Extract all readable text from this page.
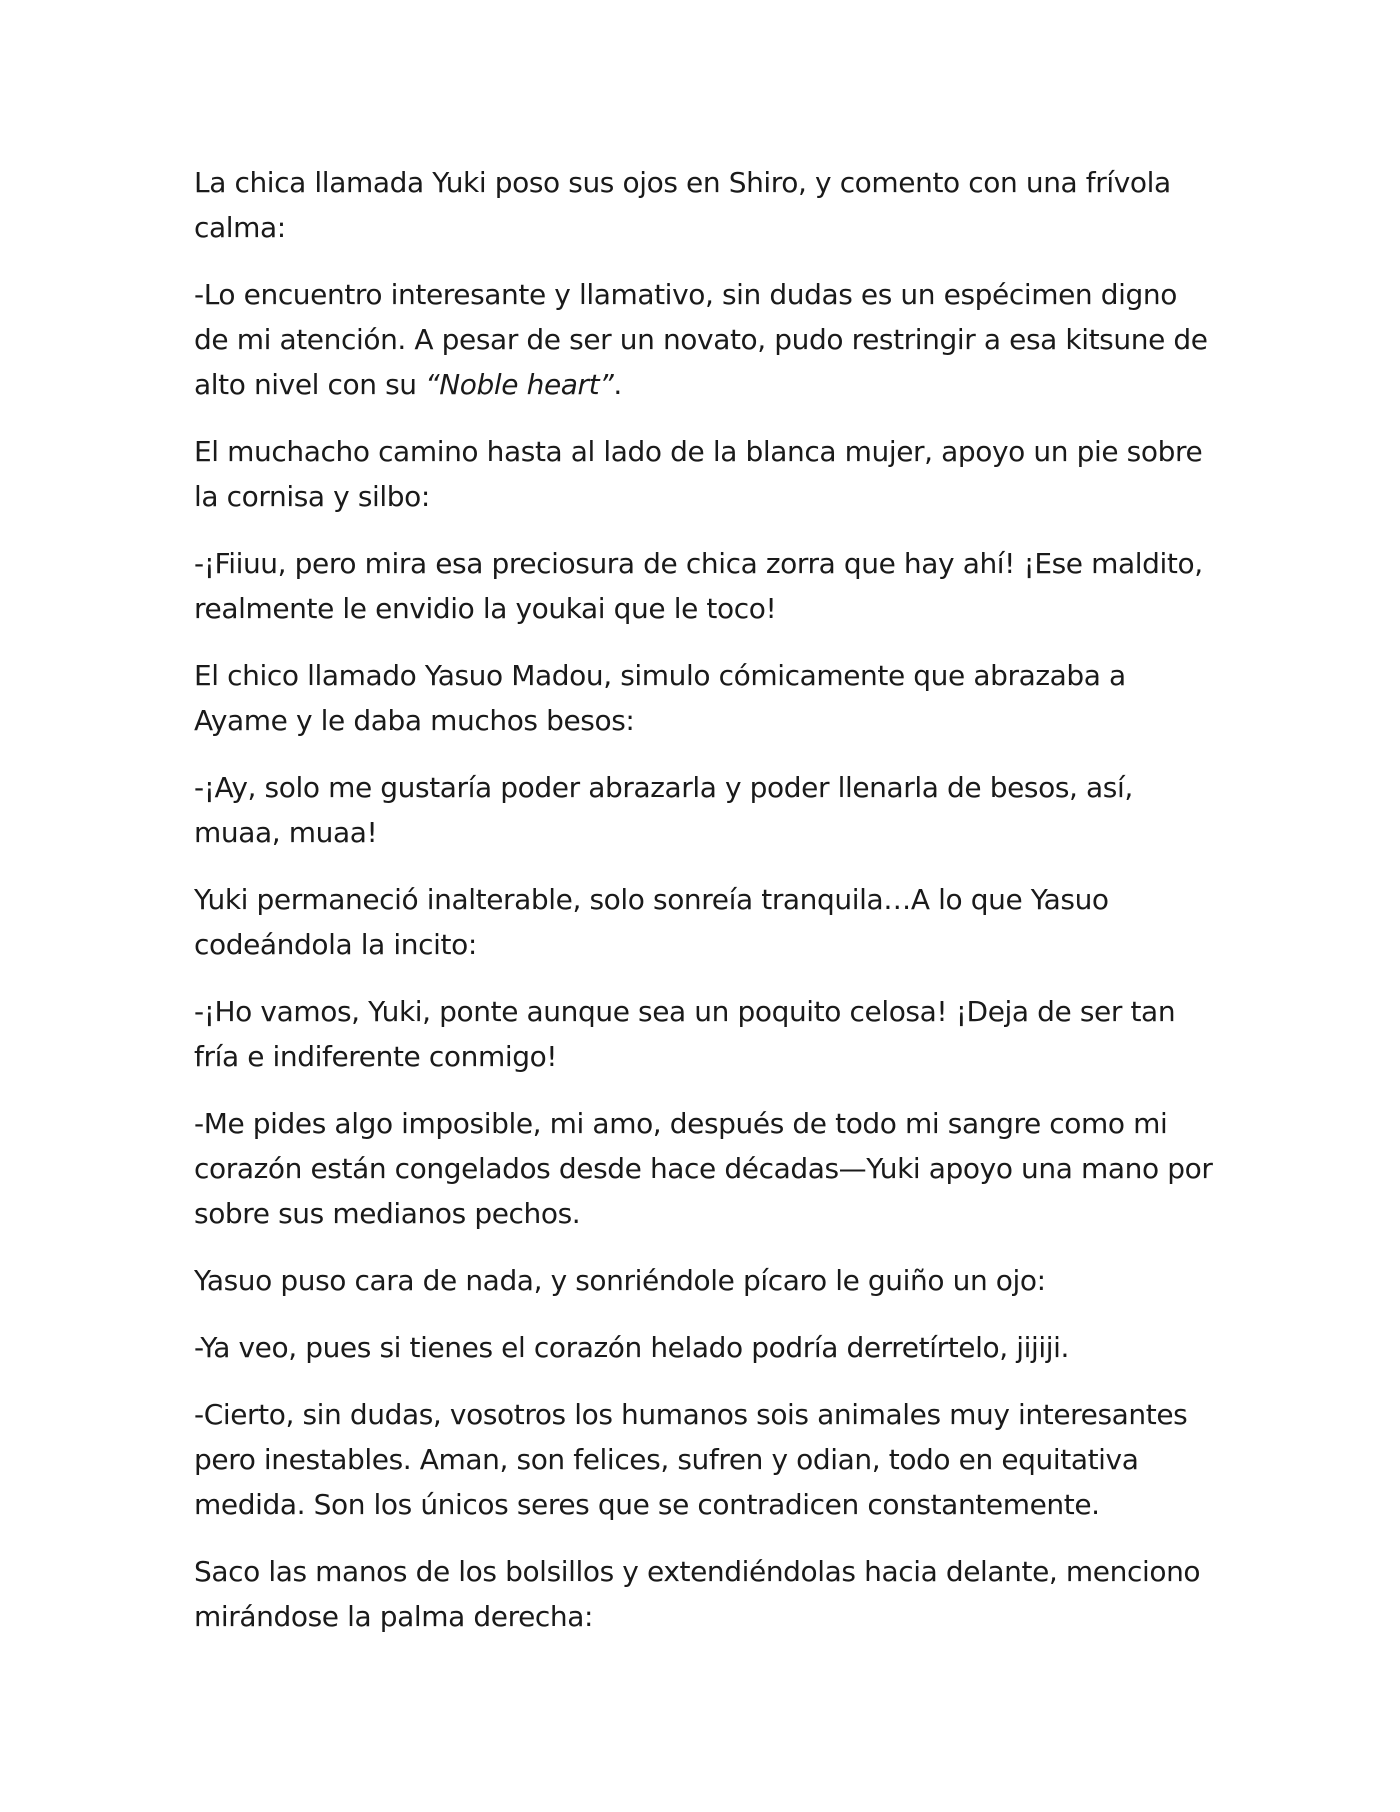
La chica llamada Yuki poso sus ojos en Shiro, y comento con una frívola calma:

-Lo encuentro interesante y llamativo, sin dudas es un espécimen digno de mi atención. A pesar de ser un novato, pudo restringir a esa kitsune de alto nivel con su “Noble heart”.

El muchacho camino hasta al lado de la blanca mujer, apoyo un pie sobre la cornisa y silbo:

-¡Fiiuu, pero mira esa preciosura de chica zorra que hay ahí! ¡Ese maldito, realmente le envidio la youkai que le toco!

El chico llamado Yasuo Madou, simulo cómicamente que abrazaba a Ayame y le daba muchos besos:

-¡Ay, solo me gustaría poder abrazarla y poder llenarla de besos, así, muaa, muaa!

Yuki permaneció inalterable, solo sonreía tranquila…A lo que Yasuo codeándola la incito:

-¡Ho vamos, Yuki, ponte aunque sea un poquito celosa! ¡Deja de ser tan fría e indiferente conmigo!

-Me pides algo imposible, mi amo, después de todo mi sangre como mi corazón están congelados desde hace décadas—Yuki apoyo una mano por sobre sus medianos pechos.

Yasuo puso cara de nada, y sonriéndole pícaro le guiño un ojo:

-Ya veo, pues si tienes el corazón helado podría derretírtelo, jijiji.

-Cierto, sin dudas, vosotros los humanos sois animales muy interesantes pero inestables. Aman, son felices, sufren y odian, todo en equitativa medida. Son los únicos seres que se contradicen constantemente.

Saco las manos de los bolsillos y extendiéndolas hacia delante, menciono mirándose la palma derecha:
